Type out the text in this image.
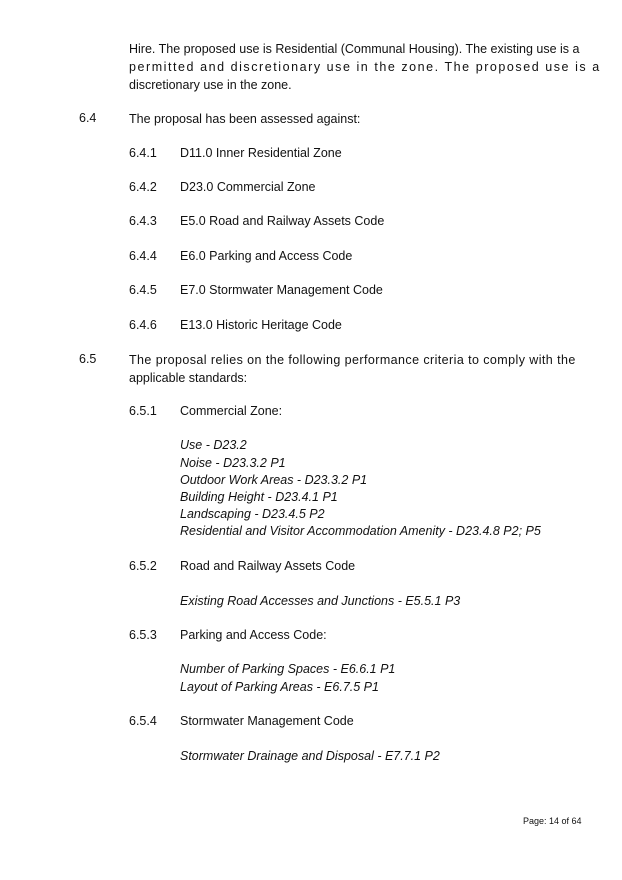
Hire. The proposed use is Residential (Communal Housing). The existing use is a
permitted and discretionary use in the zone. The proposed use is a
discretionary use in the zone.
6.4	The proposal has been assessed against:
6.4.1 D11.0 Inner Residential Zone
6.4.2 D23.0 Commercial Zone
6.4.3 E5.0 Road and Railway Assets Code
6.4.4 E6.0 Parking and Access Code
6.4.5 E7.0 Stormwater Management Code
6.4.6 E13.0 Historic Heritage Code
6.5	The proposal relies on the following performance criteria to comply with the
applicable standards:
6.5.1 Commercial Zone:
Use - D23.2
Noise - D23.3.2 P1
Outdoor Work Areas - D23.3.2 P1
Building Height - D23.4.1 P1
Landscaping - D23.4.5 P2
Residential and Visitor Accommodation Amenity - D23.4.8 P2; P5
6.5.2 Road and Railway Assets Code
Existing Road Accesses and Junctions - E5.5.1 P3
6.5.3 Parking and Access Code:
Number of Parking Spaces - E6.6.1 P1
Layout of Parking Areas - E6.7.5 P1
6.5.4 Stormwater Management Code
Stormwater Drainage and Disposal - E7.7.1 P2
Page: 14 of 64
